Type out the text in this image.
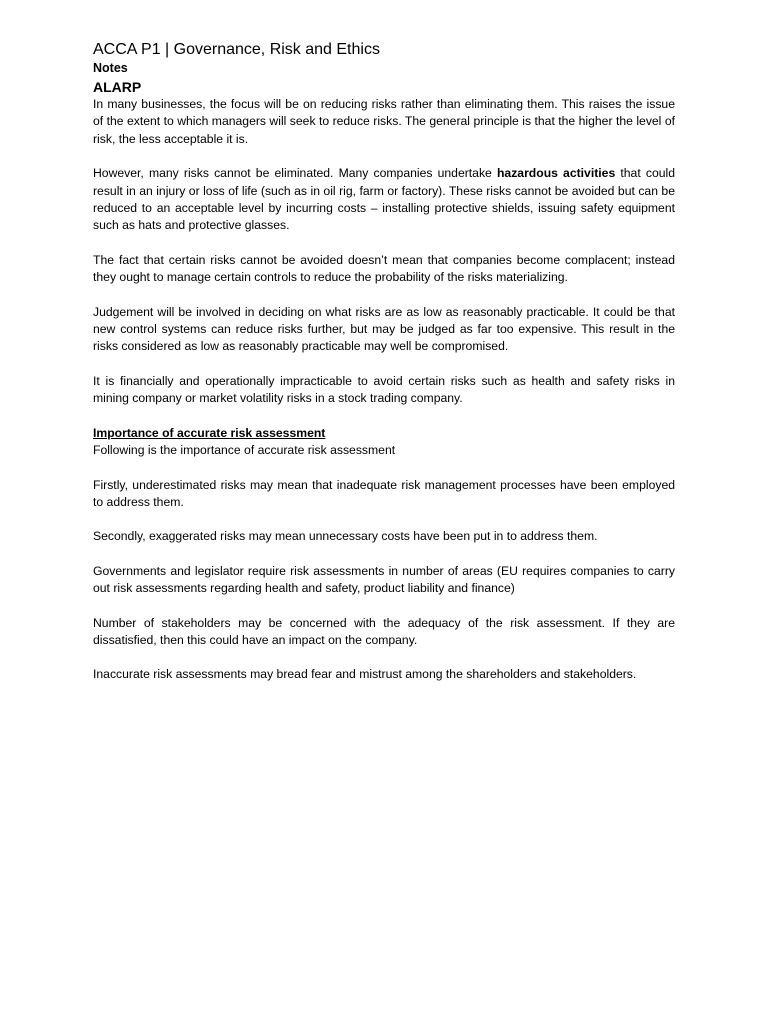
ACCA P1 | Governance, Risk and Ethics
Notes
ALARP

In many businesses, the focus will be on reducing risks rather than eliminating them. This raises the issue of the extent to which managers will seek to reduce risks. The general principle is that the higher the level of risk, the less acceptable it is.

However, many risks cannot be eliminated. Many companies undertake hazardous activities that could result in an injury or loss of life (such as in oil rig, farm or factory). These risks cannot be avoided but can be reduced to an acceptable level by incurring costs – installing protective shields, issuing safety equipment such as hats and protective glasses.

The fact that certain risks cannot be avoided doesn’t mean that companies become complacent; instead they ought to manage certain controls to reduce the probability of the risks materializing.

Judgement will be involved in deciding on what risks are as low as reasonably practicable. It could be that new control systems can reduce risks further, but may be judged as far too expensive. This result in the risks considered as low as reasonably practicable may well be compromised.

It is financially and operationally impracticable to avoid certain risks such as health and safety risks in mining company or market volatility risks in a stock trading company.

Importance of accurate risk assessment

Following is the importance of accurate risk assessment

Firstly, underestimated risks may mean that inadequate risk management processes have been employed to address them.

Secondly, exaggerated risks may mean unnecessary costs have been put in to address them.

Governments and legislator require risk assessments in number of areas (EU requires companies to carry out risk assessments regarding health and safety, product liability and finance)

Number of stakeholders may be concerned with the adequacy of the risk assessment. If they are dissatisfied, then this could have an impact on the company.

Inaccurate risk assessments may bread fear and mistrust among the shareholders and stakeholders.
